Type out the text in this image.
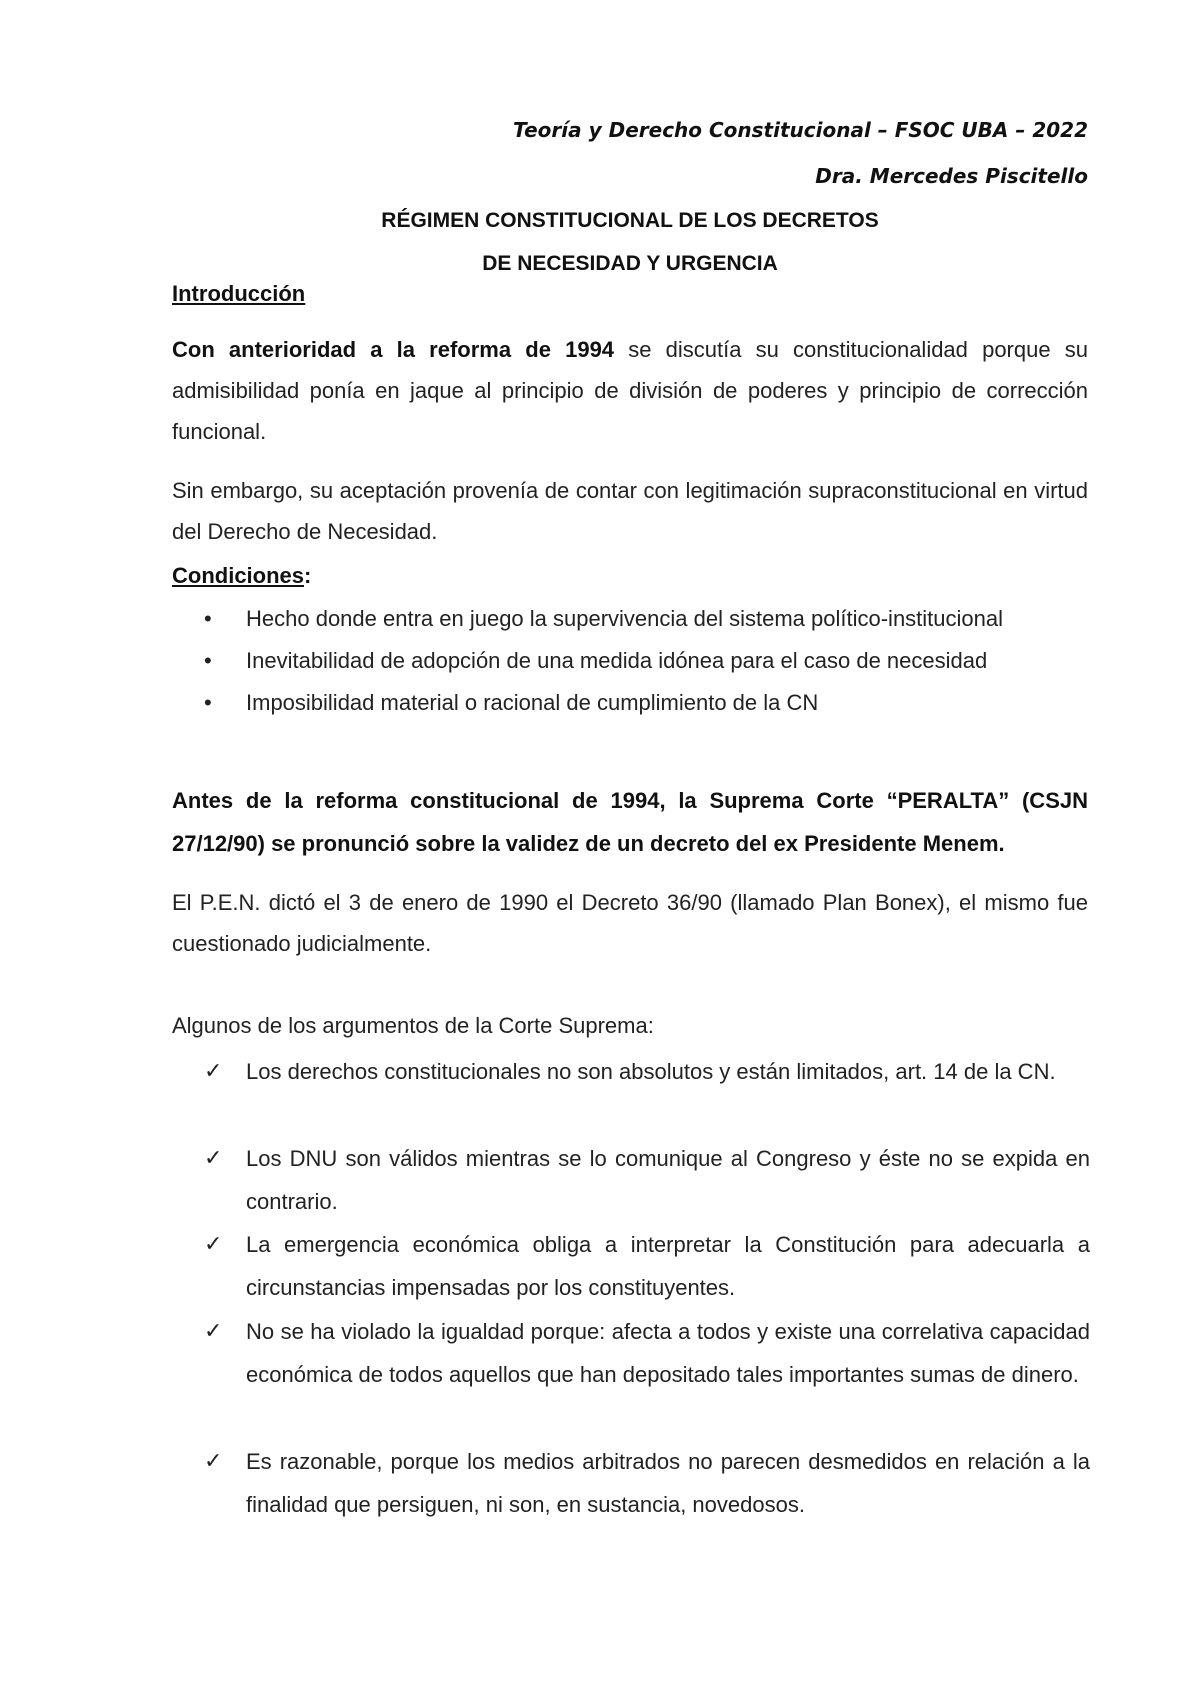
Teoría y Derecho Constitucional – FSOC UBA – 2022
Dra. Mercedes Piscitello
RÉGIMEN CONSTITUCIONAL DE LOS DECRETOS
DE NECESIDAD Y URGENCIA
Introducción
Con anterioridad a la reforma de 1994 se discutía su constitucionalidad porque su admisibilidad ponía en jaque al principio de división de poderes y principio de corrección funcional.
Sin embargo, su aceptación provenía de contar con legitimación supraconstitucional en virtud del Derecho de Necesidad.
Condiciones:
• Hecho donde entra en juego la supervivencia del sistema político-institucional
• Inevitabilidad de adopción de una medida idónea para el caso de necesidad
• Imposibilidad material o racional de cumplimiento de la CN
Antes de la reforma constitucional de 1994, la Suprema Corte “PERALTA” (CSJN 27/12/90) se pronunció sobre la validez de un decreto del ex Presidente Menem.
El P.E.N. dictó el 3 de enero de 1990 el Decreto 36/90 (llamado Plan Bonex), el mismo fue cuestionado judicialmente.
Algunos de los argumentos de la Corte Suprema:
✓	Los derechos constitucionales no son absolutos y están limitados, art. 14 de la CN.
✓	Los DNU son válidos mientras se lo comunique al Congreso y éste no se expida en contrario.
✓	La emergencia económica obliga a interpretar la Constitución para adecuarla a circunstancias impensadas por los constituyentes.
✓	No se ha violado la igualdad porque: afecta a todos y existe una correlativa capacidad económica de todos aquellos que han depositado tales importantes sumas de dinero.
✓	Es razonable, porque los medios arbitrados no parecen desmedidos en relación a la finalidad que persiguen, ni son, en sustancia, novedosos.
